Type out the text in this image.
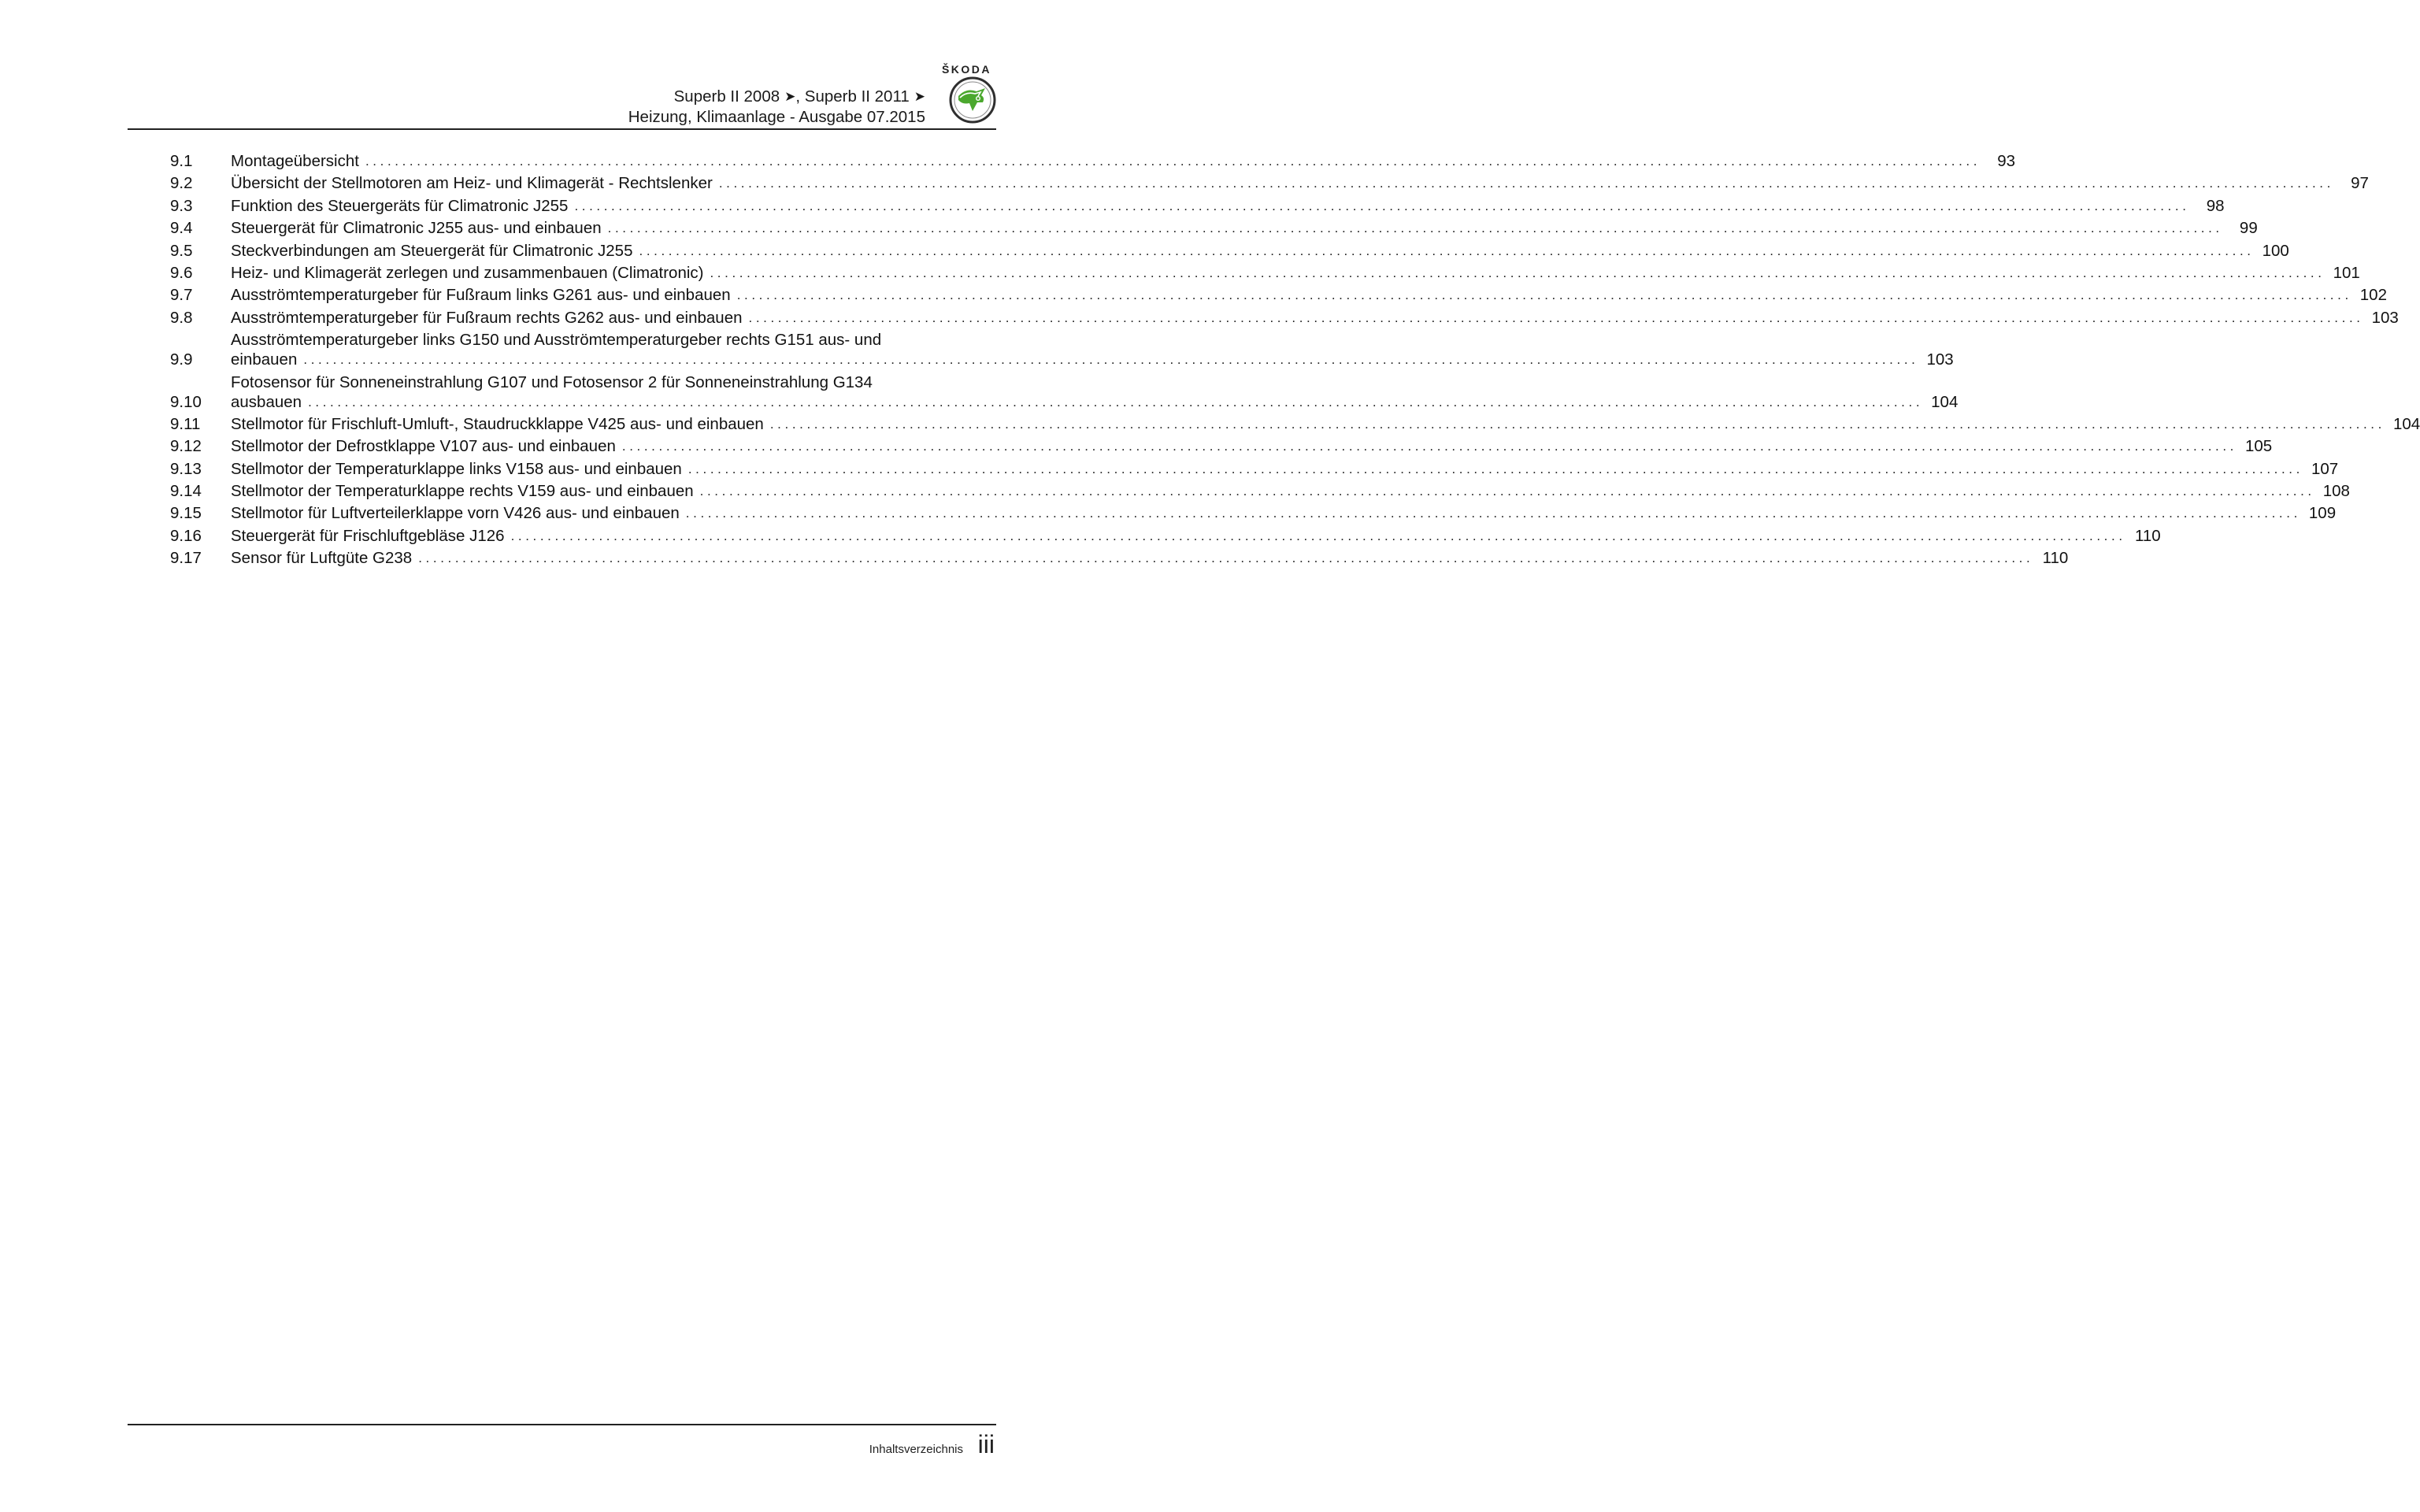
ŠKODA
Superb II 2008 ➤, Superb II 2011 ➤
Heizung, Klimaanlage - Ausgabe 07.2015
9.1	Montageübersicht ............................................................................................................................................................................................................................	93
9.2	Übersicht der Stellmotoren am Heiz- und Klimagerät - Rechtslenker ............................................................................................................................................................................................................................	97
9.3	Funktion des Steuergeräts für Climatronic J255 ............................................................................................................................................................................................................................	98
9.4	Steuergerät für Climatronic J255 aus- und einbauen ............................................................................................................................................................................................................................	99
9.5	Steckverbindungen am Steuergerät für Climatronic J255 ............................................................................................................................................................................................................................ 100
9.6	Heiz- und Klimagerät zerlegen und zusammenbauen (Climatronic) ............................................................................................................................................................................................................................ 101
9.7	Ausströmtemperaturgeber für Fußraum links G261 aus- und einbauen ............................................................................................................................................................................................................................ 102
9.8	Ausströmtemperaturgeber für Fußraum rechts G262 aus- und einbauen ............................................................................................................................................................................................................................ 103
9.9
Ausströmtemperaturgeber links G150 und Ausströmtemperaturgeber rechts G151 aus- und
einbauen ............................................................................................................................................................................................................................ 103
9.10
Fotosensor für Sonneneinstrahlung G107 und Fotosensor 2 für Sonneneinstrahlung G134
ausbauen ............................................................................................................................................................................................................................ 104
9.11	Stellmotor für Frischluft-Umluft-, Staudruckklappe V425 aus- und einbauen ............................................................................................................................................................................................................................ 104
9.12	Stellmotor der Defrostklappe V107 aus- und einbauen ............................................................................................................................................................................................................................ 105
9.13	Stellmotor der Temperaturklappe links V158 aus- und einbauen ............................................................................................................................................................................................................................ 107
9.14	Stellmotor der Temperaturklappe rechts V159 aus- und einbauen ............................................................................................................................................................................................................................ 108
9.15	Stellmotor für Luftverteilerklappe vorn V426 aus- und einbauen ............................................................................................................................................................................................................................ 109
9.16	Steuergerät für Frischluftgebläse J126 ............................................................................................................................................................................................................................ 110
9.17	Sensor für Luftgüte G238 ............................................................................................................................................................................................................................ 110
Inhaltsverzeichnis iii
